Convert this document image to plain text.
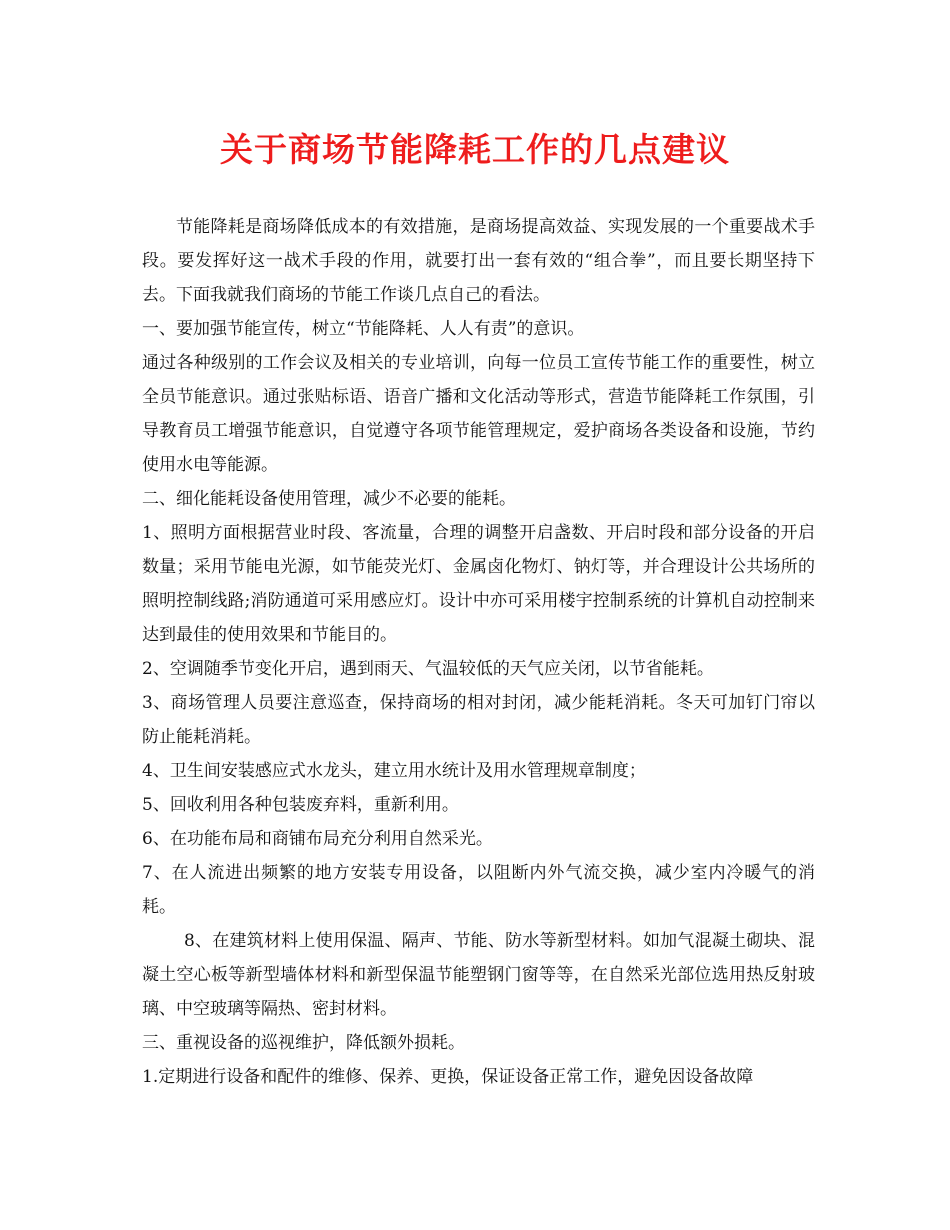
关于商场节能降耗工作的几点建议

节能降耗是商场降低成本的有效措施，是商场提高效益、实现发展的一个重要战术手段。要发挥好这一战术手段的作用，就要打出一套有效的“组合拳”，而且要长期坚持下去。下面我就我们商场的节能工作谈几点自己的看法。

一、要加强节能宣传，树立“节能降耗、人人有责”的意识。

通过各种级别的工作会议及相关的专业培训，向每一位员工宣传节能工作的重要性，树立全员节能意识。通过张贴标语、语音广播和文化活动等形式，营造节能降耗工作氛围，引导教育员工增强节能意识，自觉遵守各项节能管理规定，爱护商场各类设备和设施，节约使用水电等能源。

二、细化能耗设备使用管理，减少不必要的能耗。

1、照明方面根据营业时段、客流量，合理的调整开启盏数、开启时段和部分设备的开启数量；采用节能电光源，如节能荧光灯、金属卤化物灯、钠灯等，并合理设计公共场所的照明控制线路;消防通道可采用感应灯。设计中亦可采用楼宇控制系统的计算机自动控制来达到最佳的使用效果和节能目的。

2、空调随季节变化开启，遇到雨天、气温较低的天气应关闭，以节省能耗。

3、商场管理人员要注意巡查，保持商场的相对封闭，减少能耗消耗。冬天可加钉门帘以防止能耗消耗。

4、卫生间安装感应式水龙头，建立用水统计及用水管理规章制度；

5、回收利用各种包装废弃料，重新利用。

6、在功能布局和商铺布局充分利用自然采光。

7、在人流进出频繁的地方安装专用设备，以阻断内外气流交换，减少室内冷暖气的消耗。

8、在建筑材料上使用保温、隔声、节能、防水等新型材料。如加气混凝土砌块、混凝土空心板等新型墙体材料和新型保温节能塑钢门窗等等，在自然采光部位选用热反射玻璃、中空玻璃等隔热、密封材料。

三、重视设备的巡视维护，降低额外损耗。

1.定期进行设备和配件的维修、保养、更换，保证设备正常工作，避免因设备故障
